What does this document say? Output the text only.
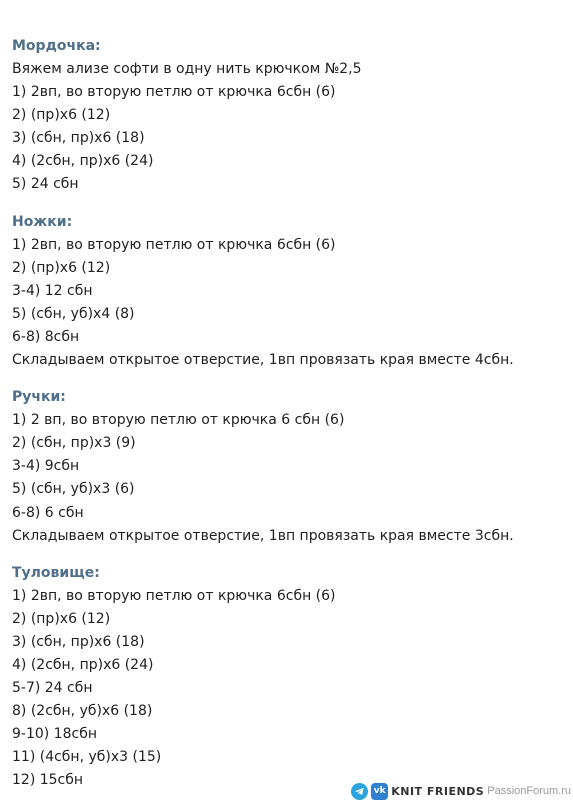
Мордочка:
Вяжем ализе софти в одну нить крючком №2,5
1) 2вп, во вторую петлю от крючка 6сбн (6)
2) (пр)х6 (12)
3) (сбн, пр)х6 (18)
4) (2сбн, пр)х6 (24)
5) 24 сбн
Ножки:
1) 2вп, во вторую петлю от крючка 6сбн (6)
2) (пр)х6 (12)
3-4) 12 сбн
5) (сбн, уб)х4 (8)
6-8) 8сбн
Складываем открытое отверстие, 1вп провязать края вместе 4сбн.
Ручки:
1) 2 вп, во вторую петлю от крючка 6 сбн (6)
2) (сбн, пр)х3 (9)
3-4) 9сбн
5) (сбн, уб)х3 (6)
6-8) 6 сбн
Складываем открытое отверстие, 1вп провязать края вместе 3сбн.
Туловище:
1) 2вп, во вторую петлю от крючка 6сбн (6)
2) (пр)х6 (12)
3) (сбн, пр)х6 (18)
4) (2сбн, пр)х6 (24)
5-7) 24 сбн
8) (2сбн, уб)х6 (18)
9-10) 18сбн
11) (4сбн, уб)х3 (15)
12) 15сбн
vk KNIT FRIENDS PassionForum.ru
